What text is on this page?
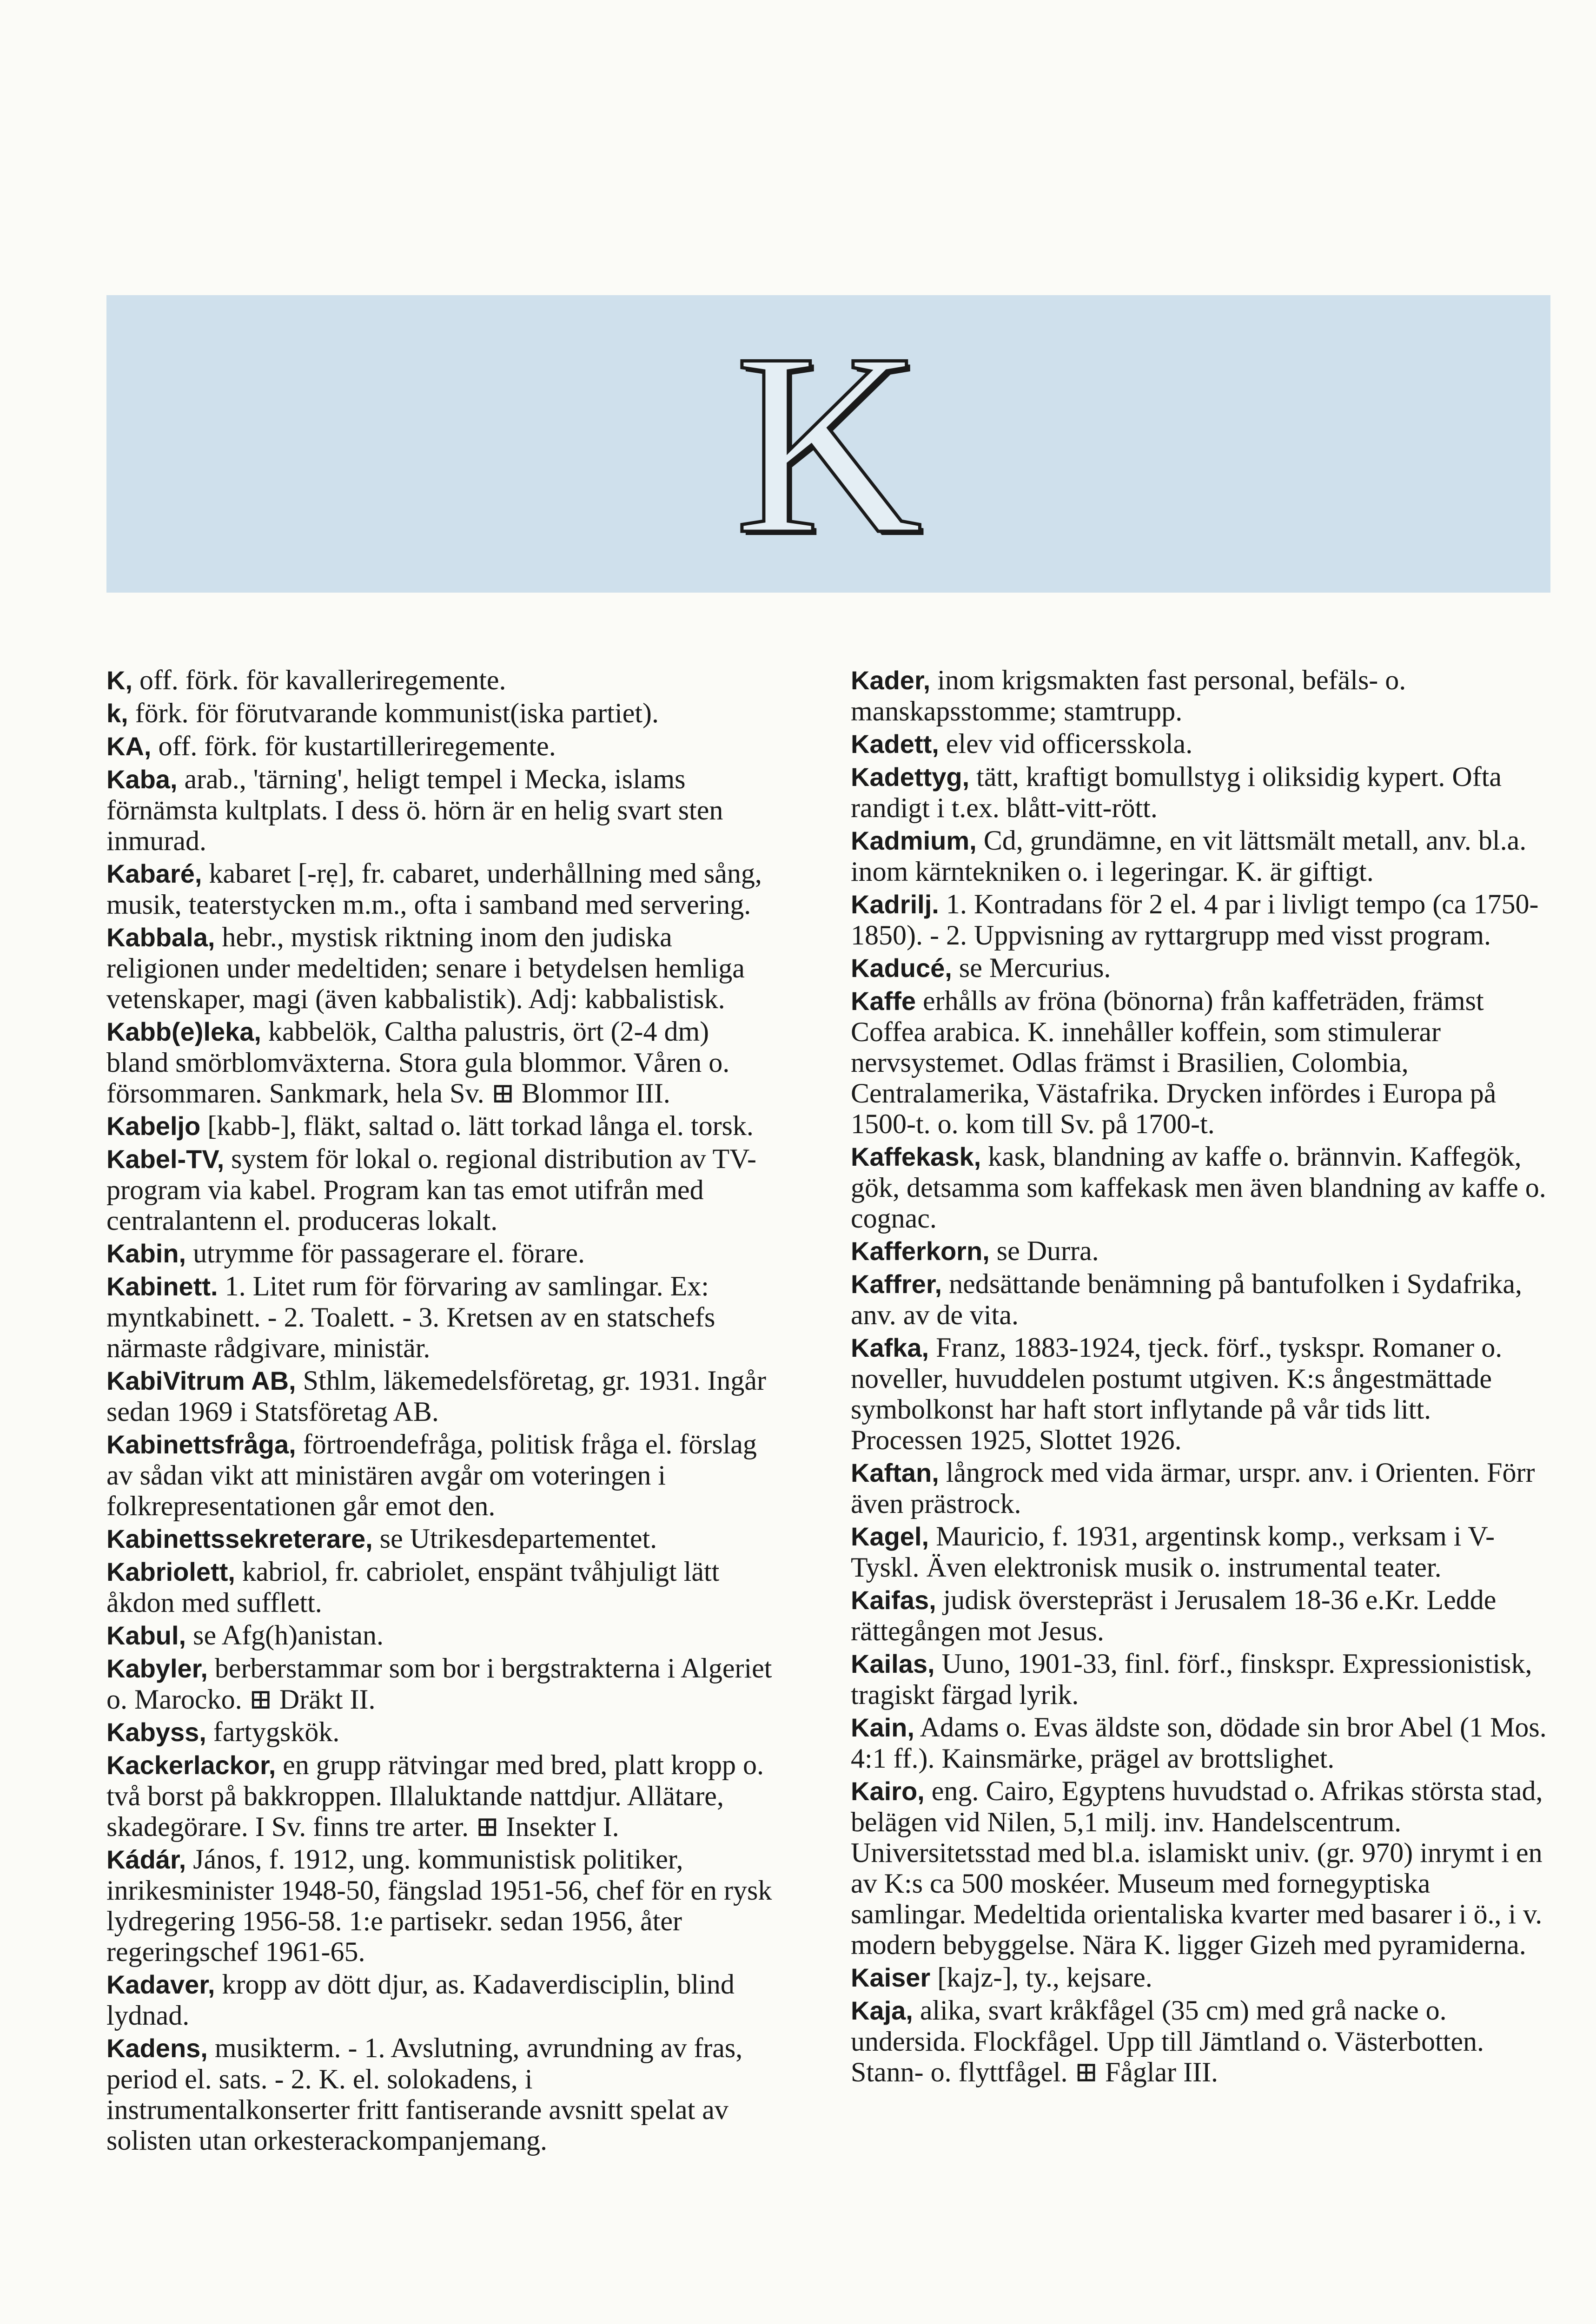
K

K, off. förk. för kavalleriregemente.

k, förk. för förutvarande kommunist(iska partiet).

KA, off. förk. för kustartilleriregemente.

Kaba, arab., 'tärning', heligt tempel i Mecka, islams förnämsta kultplats. I dess ö. hörn är en helig svart sten inmurad.

Kabaré, kabaret [-rẹ], fr. cabaret, underhållning med sång, musik, teaterstycken m.m., ofta i samband med servering.

Kabbala, hebr., mystisk riktning inom den judiska religionen under medeltiden; senare i betydelsen hemliga vetenskaper, magi (även kabbalistik). Adj: kabbalistisk.

Kabb(e)leka, kabbelök, Caltha palustris, ört (2-4 dm) bland smörblomväxterna. Stora gula blommor. Våren o. försommaren. Sankmark, hela Sv. ⊞ Blommor III.

Kabeljo [kabb-], fläkt, saltad o. lätt torkad långa el. torsk.

Kabel-TV, system för lokal o. regional distribution av TV-program via kabel. Program kan tas emot utifrån med centralantenn el. produceras lokalt.

Kabin, utrymme för passagerare el. förare.

Kabinett. 1. Litet rum för förvaring av samlingar. Ex: myntkabinett. - 2. Toalett. - 3. Kretsen av en statschefs närmaste rådgivare, ministär.

KabiVitrum AB, Sthlm, läkemedelsföretag, gr. 1931. Ingår sedan 1969 i Statsföretag AB.

Kabinettsfråga, förtroendefråga, politisk fråga el. förslag av sådan vikt att ministären avgår om voteringen i folkrepresentationen går emot den.

Kabinettssekreterare, se Utrikesdepartementet.

Kabriolett, kabriol, fr. cabriolet, enspänt tvåhjuligt lätt åkdon med sufflett.

Kabul, se Afg(h)anistan.

Kabyler, berberstammar som bor i bergstrakterna i Algeriet o. Marocko. ⊞ Dräkt II.

Kabyss, fartygskök.

Kackerlackor, en grupp rätvingar med bred, platt kropp o. två borst på bakkroppen. Illaluktande nattdjur. Allätare, skadegörare. I Sv. finns tre arter. ⊞ Insekter I.

Kádár, János, f. 1912, ung. kommunistisk politiker, inrikesminister 1948-50, fängslad 1951-56, chef för en rysk lydregering 1956-58. 1:e partisekr. sedan 1956, åter regeringschef 1961-65.

Kadaver, kropp av dött djur, as. Kadaverdisciplin, blind lydnad.

Kadens, musikterm. - 1. Avslutning, avrundning av fras, period el. sats. - 2. K. el. solokadens, i instrumentalkonserter fritt fantiserande avsnitt spelat av solisten utan orkesterackompanjemang.

Kader, inom krigsmakten fast personal, befäls- o. manskapsstomme; stamtrupp.

Kadett, elev vid officersskola.

Kadettyg, tätt, kraftigt bomullstyg i oliksidig kypert. Ofta randigt i t.ex. blått-vitt-rött.

Kadmium, Cd, grundämne, en vit lättsmält metall, anv. bl.a. inom kärntekniken o. i legeringar. K. är giftigt.

Kadrilj. 1. Kontradans för 2 el. 4 par i livligt tempo (ca 1750-1850). - 2. Uppvisning av ryttargrupp med visst program.

Kaducé, se Mercurius.

Kaffe erhålls av fröna (bönorna) från kaffeträden, främst Coffea arabica. K. innehåller koffein, som stimulerar nervsystemet. Odlas främst i Brasilien, Colombia, Centralamerika, Västafrika. Drycken infördes i Europa på 1500-t. o. kom till Sv. på 1700-t.

Kaffekask, kask, blandning av kaffe o. brännvin. Kaffegök, gök, detsamma som kaffekask men även blandning av kaffe o. cognac.

Kafferkorn, se Durra.

Kaffrer, nedsättande benämning på bantufolken i Sydafrika, anv. av de vita.

Kafka, Franz, 1883-1924, tjeck. förf., tyskspr. Romaner o. noveller, huvuddelen postumt utgiven. K:s ångestmättade symbolkonst har haft stort inflytande på vår tids litt. Processen 1925, Slottet 1926.

Kaftan, långrock med vida ärmar, urspr. anv. i Orienten. Förr även prästrock.

Kagel, Mauricio, f. 1931, argentinsk komp., verksam i V-Tyskl. Även elektronisk musik o. instrumental teater.

Kaifas, judisk överstepräst i Jerusalem 18-36 e.Kr. Ledde rättegången mot Jesus.

Kailas, Uuno, 1901-33, finl. förf., finskspr. Expressionistisk, tragiskt färgad lyrik.

Kain, Adams o. Evas äldste son, dödade sin bror Abel (1 Mos. 4:1 ff.). Kainsmärke, prägel av brottslighet.

Kairo, eng. Cairo, Egyptens huvudstad o. Afrikas största stad, belägen vid Nilen, 5,1 milj. inv. Handelscentrum. Universitetsstad med bl.a. islamiskt univ. (gr. 970) inrymt i en av K:s ca 500 moskéer. Museum med fornegyptiska samlingar. Medeltida orientaliska kvarter med basarer i ö., i v. modern bebyggelse. Nära K. ligger Gizeh med pyramiderna.

Kaiser [kajz-], ty., kejsare.

Kaja, alika, svart kråkfågel (35 cm) med grå nacke o. undersida. Flockfågel. Upp till Jämtland o. Västerbotten. Stann- o. flyttfågel. ⊞ Fåglar III.
